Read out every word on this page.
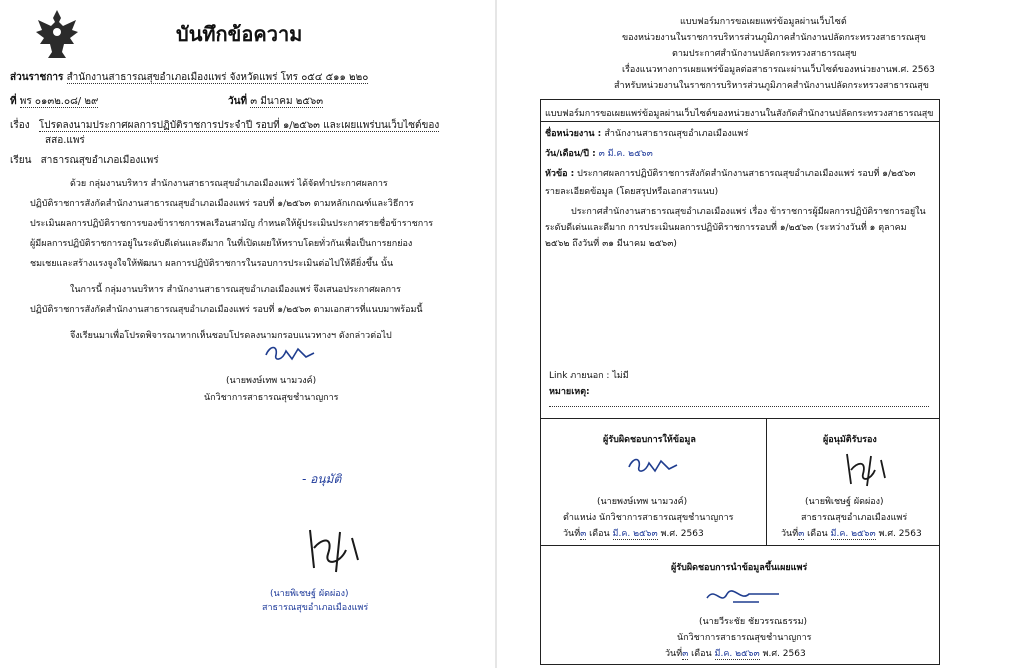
บันทึกข้อความ
ส่วนราชการ สำนักงานสาธารณสุขอำเภอเมืองแพร่ จังหวัดแพร่ โทร ๐๕๔ ๕๑๑ ๒๒๐
ที่ พร ๐๑๓๒.๐๘/ ๒๙	วันที่ ๓ มีนาคม ๒๕๖๓
เรื่อง โปรดลงนามประกาศผลการปฏิบัติราชการประจำปี รอบที่ ๑/๒๕๖๓ และเผยแพร่บนเว็บไซต์ของ
สสอ.แพร่
เรียน สาธารณสุขอำเภอเมืองแพร่
ด้วย กลุ่มงานบริหาร สำนักงานสาธารณสุขอำเภอเมืองแพร่ ได้จัดทำประกาศผลการ
ปฏิบัติราชการสังกัดสำนักงานสาธารณสุขอำเภอเมืองแพร่ รอบที่ ๑/๒๕๖๓ ตามหลักเกณฑ์และวิธีการ
ประเมินผลการปฏิบัติราชการของข้าราชการพลเรือนสามัญ กำหนดให้ผู้ประเมินประกาศรายชื่อข้าราชการ
ผู้มีผลการปฏิบัติราชการอยู่ในระดับดีเด่นและดีมาก ในที่เปิดเผยให้ทราบโดยทั่วกันเพื่อเป็นการยกย่อง
ชมเชยและสร้างแรงจูงใจให้พัฒนา ผลการปฏิบัติราชการในรอบการประเมินต่อไปให้ดียิ่งขึ้น นั้น
ในการนี้ กลุ่มงานบริหาร สำนักงานสาธารณสุขอำเภอเมืองแพร่ จึงเสนอประกาศผลการ
ปฏิบัติราชการสังกัดสำนักงานสาธารณสุขอำเภอเมืองแพร่ รอบที่ ๑/๒๕๖๓ ตามเอกสารที่แนบมาพร้อมนี้
จึงเรียนมาเพื่อโปรดพิจารณาหากเห็นชอบโปรดลงนามกรอบแนวทางฯ ดังกล่าวต่อไป
(นายพงษ์เทพ นามวงค์)
นักวิชาการสาธารณสุขชำนาญการ
- อนุมัติ
(นายพิเชษฐ์ ผัดผ่อง)
สาธารณสุขอำเภอเมืองแพร่
แบบฟอร์มการขอเผยแพร่ข้อมูลผ่านเว็บไซต์
ของหน่วยงานในราชการบริหารส่วนภูมิภาคสำนักงานปลัดกระทรวงสาธารณสุข
ตามประกาศสำนักงานปลัดกระทรวงสาธารณสุข
เรื่องแนวทางการเผยแพร่ข้อมูลต่อสาธารณะผ่านเว็บไซต์ของหน่วยงานพ.ศ. 2563
สำหรับหน่วยงานในราชการบริหารส่วนภูมิภาคสำนักงานปลัดกระทรวงสาธารณสุข
แบบฟอร์มการขอเผยแพร่ข้อมูลผ่านเว็บไซต์ของหน่วยงานในสังกัดสำนักงานปลัดกระทรวงสาธารณสุข
ชื่อหน่วยงาน : สำนักงานสาธารณสุขอำเภอเมืองแพร่
วัน/เดือน/ปี : ๓ มี.ค. ๒๕๖๓
หัวข้อ : ประกาศผลการปฏิบัติราชการสังกัดสำนักงานสาธารณสุขอำเภอเมืองแพร่ รอบที่ ๑/๒๕๖๓
รายละเอียดข้อมูล (โดยสรุปหรือเอกสารแนบ)
ประกาศสำนักงานสาธารณสุขอำเภอเมืองแพร่ เรื่อง ข้าราชการผู้มีผลการปฏิบัติราชการอยู่ใน
ระดับดีเด่นและดีมาก การประเมินผลการปฏิบัติราชการรอบที่ ๑/๒๕๖๓ (ระหว่างวันที่ ๑ ตุลาคม
๒๕๖๒ ถึงวันที่ ๓๑ มีนาคม ๒๕๖๓)
Link ภายนอก : ไม่มี
หมายเหตุ:
ผู้รับผิดชอบการให้ข้อมูล
(นายพงษ์เทพ นามวงค์)
ตำแหน่ง นักวิชาการสาธารณสุขชำนาญการ
วันที่๓ เดือน มี.ค. ๒๕๖๓ พ.ศ. 2563
ผู้อนุมัติรับรอง
(นายพิเชษฐ์ ผัดผ่อง)
สาธารณสุขอำเภอเมืองแพร่
วันที่๓ เดือน มี.ค. ๒๕๖๓ พ.ศ. 2563
ผู้รับผิดชอบการนำข้อมูลขึ้นเผยแพร่
(นายวีระชัย ชัยวรรณธรรม)
นักวิชาการสาธารณสุขชำนาญการ
วันที่๓ เดือน มี.ค. ๒๕๖๓ พ.ศ. 2563
